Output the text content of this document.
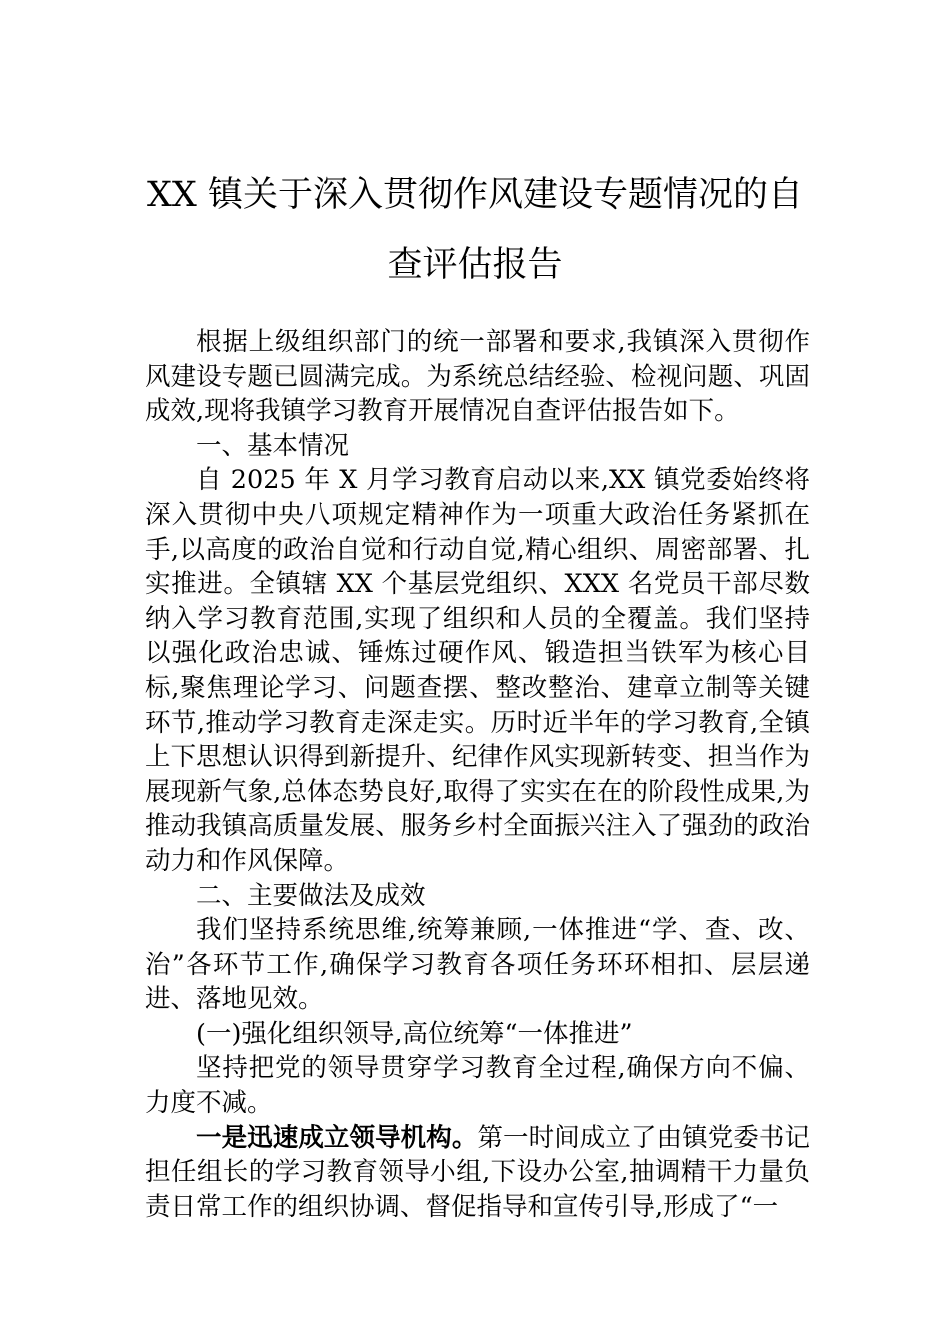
XX 镇关于深入贯彻作风建设专题情况的自
查评估报告

根据上级组织部门的统一部署和要求,我镇深入贯彻作风建设专题已圆满完成。为系统总结经验、检视问题、巩固成效,现将我镇学习教育开展情况自查评估报告如下。

一、基本情况

自 2025 年 X 月学习教育启动以来,XX 镇党委始终将深入贯彻中央八项规定精神作为一项重大政治任务紧抓在手,以高度的政治自觉和行动自觉,精心组织、周密部署、扎实推进。全镇辖 XX 个基层党组织、XXX 名党员干部尽数纳入学习教育范围,实现了组织和人员的全覆盖。我们坚持以强化政治忠诚、锤炼过硬作风、锻造担当铁军为核心目标,聚焦理论学习、问题查摆、整改整治、建章立制等关键环节,推动学习教育走深走实。历时近半年的学习教育,全镇上下思想认识得到新提升、纪律作风实现新转变、担当作为展现新气象,总体态势良好,取得了实实在在的阶段性成果,为推动我镇高质量发展、服务乡村全面振兴注入了强劲的政治动力和作风保障。

二、主要做法及成效

我们坚持系统思维,统筹兼顾,一体推进“学、查、改、治”各环节工作,确保学习教育各项任务环环相扣、层层递进、落地见效。

(一)强化组织领导,高位统筹“一体推进”

坚持把党的领导贯穿学习教育全过程,确保方向不偏、力度不减。

一是迅速成立领导机构。第一时间成立了由镇党委书记担任组长的学习教育领导小组,下设办公室,抽调精干力量负责日常工作的组织协调、督促指导和宣传引导,形成了“一
